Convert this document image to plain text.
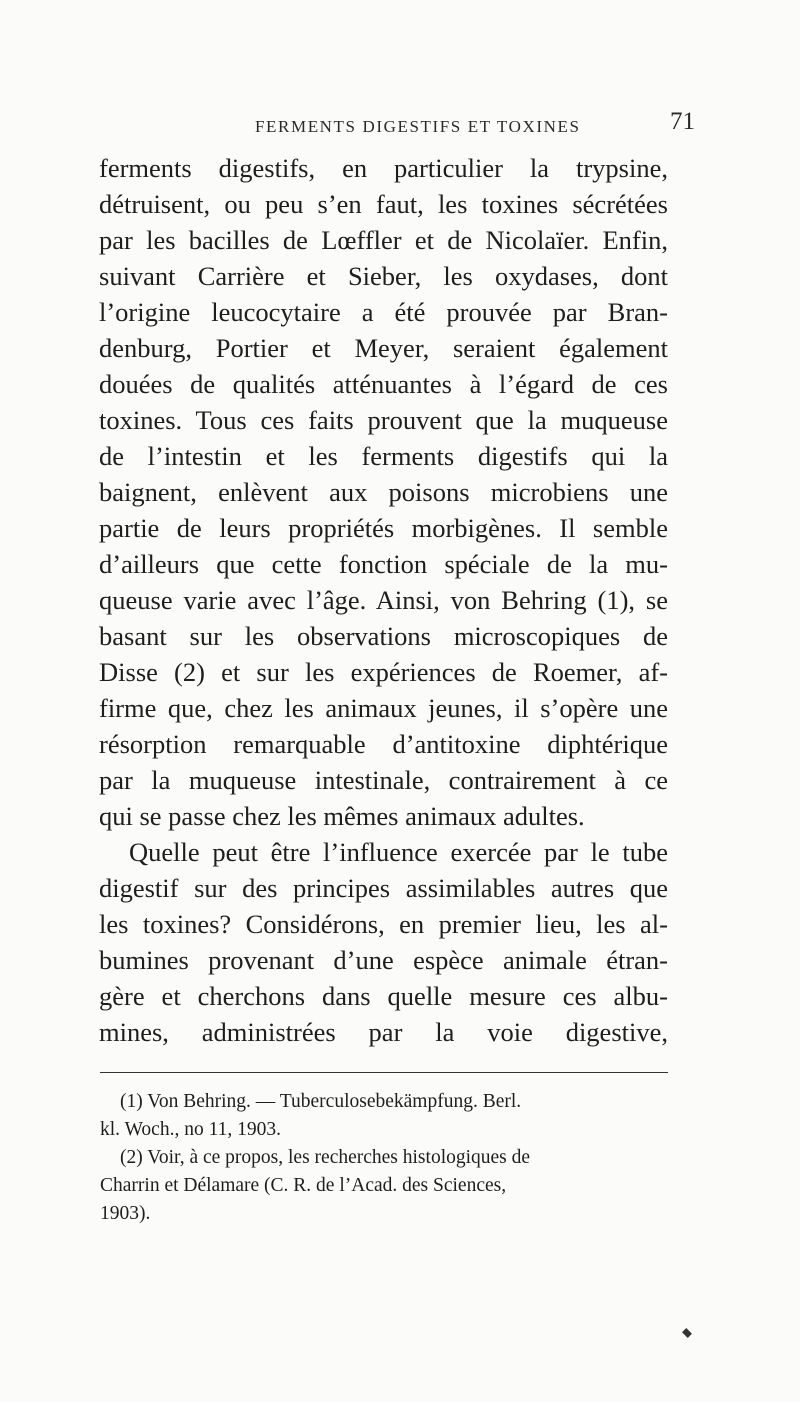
FERMENTS DIGESTIFS ET TOXINES	71
ferments digestifs, en particulier la trypsine,
détruisent, ou peu s’en faut, les toxines sécrétées
par les bacilles de Lœffler et de Nicolaïer. Enfin,
suivant Carrière et Sieber, les oxydases, dont
l’origine leucocytaire a été prouvée par Bran-
denburg, Portier et Meyer, seraient également
douées de qualités atténuantes à l’égard de ces
toxines. Tous ces faits prouvent que la muqueuse
de l’intestin et les ferments digestifs qui la
baignent, enlèvent aux poisons microbiens une
partie de leurs propriétés morbigènes. Il semble
d’ailleurs que cette fonction spéciale de la mu-
queuse varie avec l’âge. Ainsi, von Behring (1), se
basant sur les observations microscopiques de
Disse (2) et sur les expériences de Roemer, af-
firme que, chez les animaux jeunes, il s’opère une
résorption remarquable d’antitoxine diphtérique
par la muqueuse intestinale, contrairement à ce
qui se passe chez les mêmes animaux adultes.
Quelle peut être l’influence exercée par le tube
digestif sur des principes assimilables autres que
les toxines? Considérons, en premier lieu, les al-
bumines provenant d’une espèce animale étran-
gère et cherchons dans quelle mesure ces albu-
mines, administrées par la voie digestive,
(1) Von Behring. — Tuberculosebekämpfung. Berl.
kl. Woch., no 11, 1903.
(2) Voir, à ce propos, les recherches histologiques de
Charrin et Délamare (C. R. de l’Acad. des Sciences,
1903).
